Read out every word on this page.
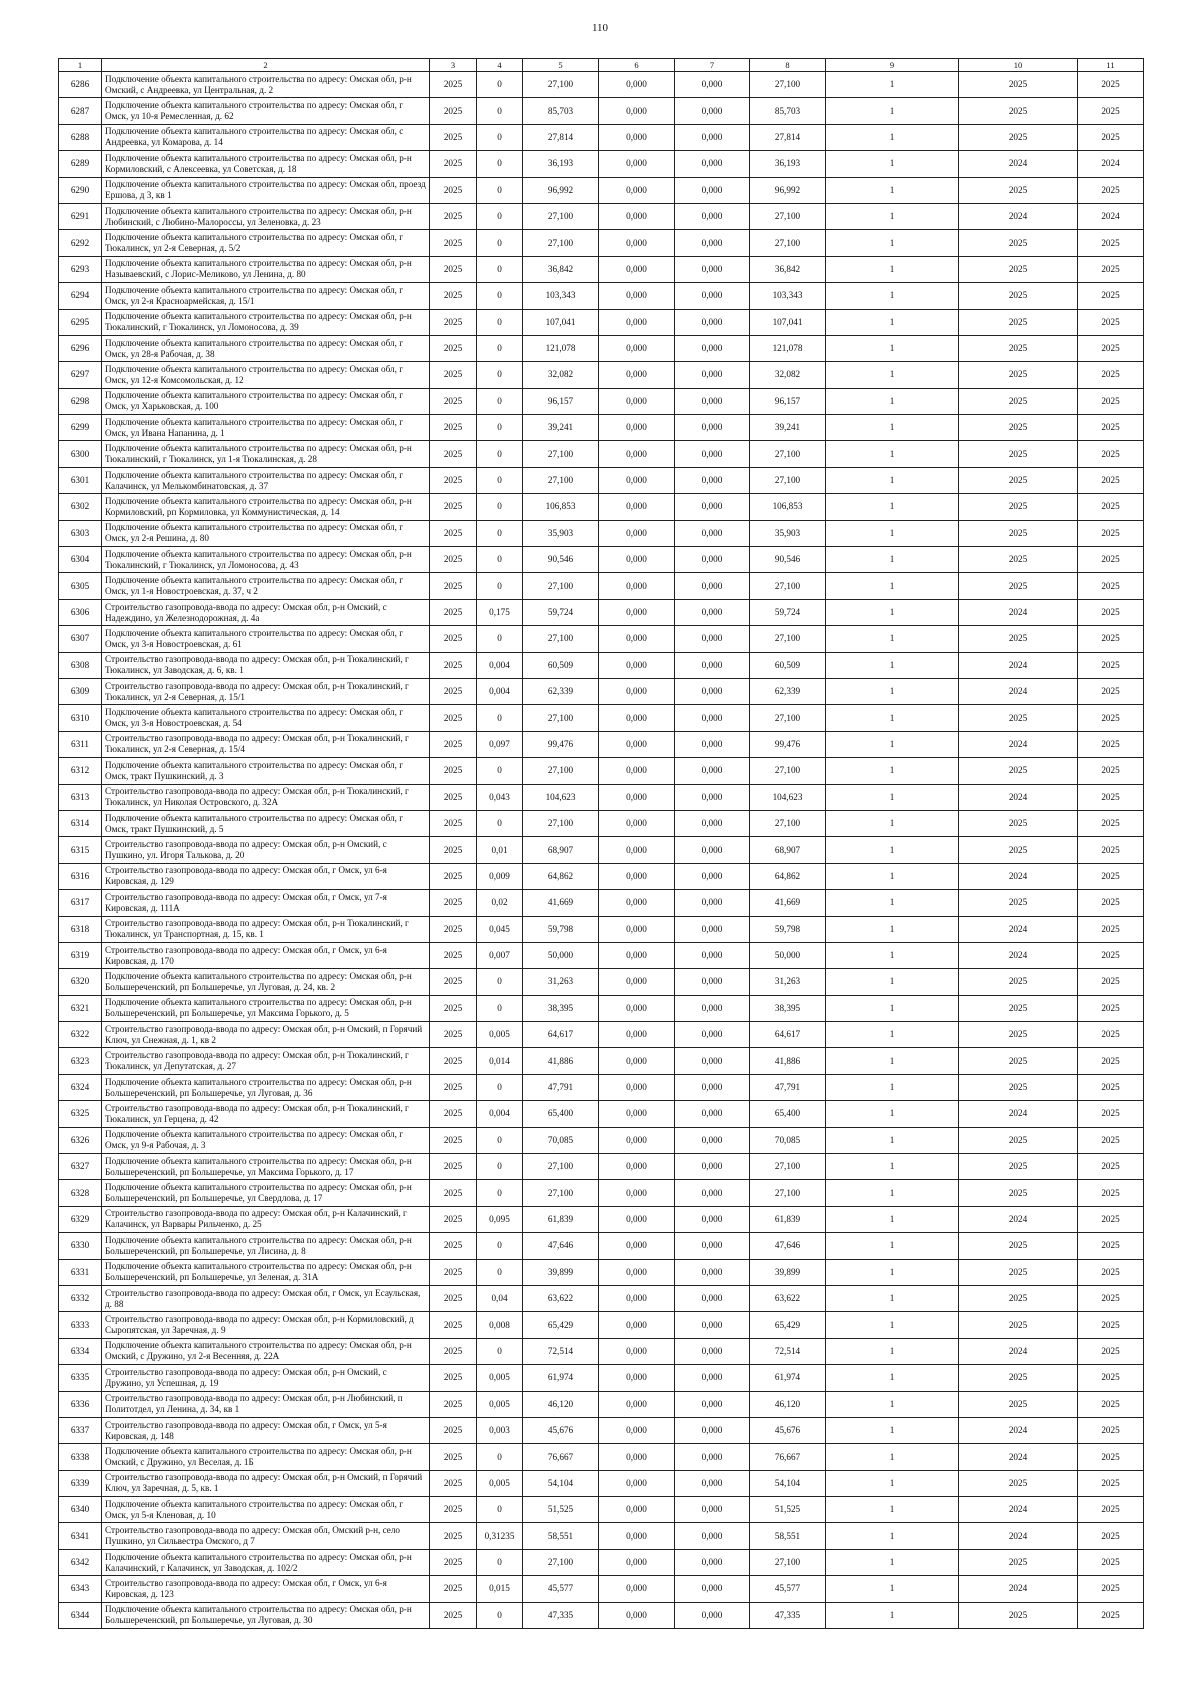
110
1	2	3	4	5	6	7	8	9	10	11
6286	Подключение объекта капитального строительства по адресу: Омская обл, р-н Омский, с Андреевка, ул Центральная, д. 2	2025	0	27,100	0,000	0,000	27,100	1	2025	2025
6287	Подключение объекта капитального строительства по адресу: Омская обл, г Омск, ул 10-я Ремесленная, д. 62	2025	0	85,703	0,000	0,000	85,703	1	2025	2025
6288	Подключение объекта капитального строительства по адресу: Омская обл, с Андреевка, ул Комарова, д. 14	2025	0	27,814	0,000	0,000	27,814	1	2025	2025
6289	Подключение объекта капитального строительства по адресу: Омская обл, р-н Кормиловский, с Алексеевка, ул Советская, д. 18	2025	0	36,193	0,000	0,000	36,193	1	2024	2024
6290	Подключение объекта капитального строительства по адресу: Омская обл, проезд Ершова, д 3, кв 1	2025	0	96,992	0,000	0,000	96,992	1	2025	2025
6291	Подключение объекта капитального строительства по адресу: Омская обл, р-н Любинский, с Любино-Малороссы, ул Зеленовка, д. 23	2025	0	27,100	0,000	0,000	27,100	1	2024	2024
6292	Подключение объекта капитального строительства по адресу: Омская обл, г Тюкалинск, ул 2-я Северная, д. 5/2	2025	0	27,100	0,000	0,000	27,100	1	2025	2025
6293	Подключение объекта капитального строительства по адресу: Омская обл, р-н Называевский, с Лорис-Меликово, ул Ленина, д. 80	2025	0	36,842	0,000	0,000	36,842	1	2025	2025
6294	Подключение объекта капитального строительства по адресу: Омская обл, г Омск, ул 2-я Красноармейская, д. 15/1	2025	0	103,343	0,000	0,000	103,343	1	2025	2025
6295	Подключение объекта капитального строительства по адресу: Омская обл, р-н Тюкалинский, г Тюкалинск, ул Ломоносова, д. 39	2025	0	107,041	0,000	0,000	107,041	1	2025	2025
6296	Подключение объекта капитального строительства по адресу: Омская обл, г Омск, ул 28-я Рабочая, д. 38	2025	0	121,078	0,000	0,000	121,078	1	2025	2025
6297	Подключение объекта капитального строительства по адресу: Омская обл, г Омск, ул 12-я Комсомольская, д. 12	2025	0	32,082	0,000	0,000	32,082	1	2025	2025
6298	Подключение объекта капитального строительства по адресу: Омская обл, г Омск, ул Харьковская, д. 100	2025	0	96,157	0,000	0,000	96,157	1	2025	2025
6299	Подключение объекта капитального строительства по адресу: Омская обл, г Омск, ул Ивана Напанина, д. 1	2025	0	39,241	0,000	0,000	39,241	1	2025	2025
6300	Подключение объекта капитального строительства по адресу: Омская обл, р-н Тюкалинский, г Тюкалинск, ул 1-я Тюкалинская, д. 28	2025	0	27,100	0,000	0,000	27,100	1	2025	2025
6301	Подключение объекта капитального строительства по адресу: Омская обл, г Калачинск, ул Мелькомбинатовская, д. 37	2025	0	27,100	0,000	0,000	27,100	1	2025	2025
6302	Подключение объекта капитального строительства по адресу: Омская обл, р-н Кормиловский, рп Кормиловка, ул Коммунистическая, д. 14	2025	0	106,853	0,000	0,000	106,853	1	2025	2025
6303	Подключение объекта капитального строительства по адресу: Омская обл, г Омск, ул 2-я Решина, д. 80	2025	0	35,903	0,000	0,000	35,903	1	2025	2025
6304	Подключение объекта капитального строительства по адресу: Омская обл, р-н Тюкалинский, г Тюкалинск, ул Ломоносова, д. 43	2025	0	90,546	0,000	0,000	90,546	1	2025	2025
6305	Подключение объекта капитального строительства по адресу: Омская обл, г Омск, ул 1-я Новостроевская, д. 37, ч 2	2025	0	27,100	0,000	0,000	27,100	1	2025	2025
6306	Строительство газопровода-ввода по адресу: Омская обл, р-н Омский, с Надеждино, ул Железнодорожная, д. 4а	2025	0,175	59,724	0,000	0,000	59,724	1	2024	2025
6307	Подключение объекта капитального строительства по адресу: Омская обл, г Омск, ул 3-я Новостроевская, д. 61	2025	0	27,100	0,000	0,000	27,100	1	2025	2025
6308	Строительство газопровода-ввода по адресу: Омская обл, р-н Тюкалинский, г Тюкалинск, ул Заводская, д. 6, кв. 1	2025	0,004	60,509	0,000	0,000	60,509	1	2024	2025
6309	Строительство газопровода-ввода по адресу: Омская обл, р-н Тюкалинский, г Тюкалинск, ул 2-я Северная, д. 15/1	2025	0,004	62,339	0,000	0,000	62,339	1	2024	2025
6310	Подключение объекта капитального строительства по адресу: Омская обл, г Омск, ул 3-я Новостроевская, д. 54	2025	0	27,100	0,000	0,000	27,100	1	2025	2025
6311	Строительство газопровода-ввода по адресу: Омская обл, р-н Тюкалинский, г Тюкалинск, ул 2-я Северная, д. 15/4	2025	0,097	99,476	0,000	0,000	99,476	1	2024	2025
6312	Подключение объекта капитального строительства по адресу: Омская обл, г Омск, тракт Пушкинский, д. 3	2025	0	27,100	0,000	0,000	27,100	1	2025	2025
6313	Строительство газопровода-ввода по адресу: Омская обл, р-н Тюкалинский, г Тюкалинск, ул Николая Островского, д. 32А	2025	0,043	104,623	0,000	0,000	104,623	1	2024	2025
6314	Подключение объекта капитального строительства по адресу: Омская обл, г Омск, тракт Пушкинский, д. 5	2025	0	27,100	0,000	0,000	27,100	1	2025	2025
6315	Строительство газопровода-ввода по адресу: Омская обл, р-н Омский, с Пушкино, ул. Игоря Талькова, д. 20	2025	0,01	68,907	0,000	0,000	68,907	1	2025	2025
6316	Строительство газопровода-ввода по адресу: Омская обл, г Омск, ул 6-я Кировская, д. 129	2025	0,009	64,862	0,000	0,000	64,862	1	2024	2025
6317	Строительство газопровода-ввода по адресу: Омская обл, г Омск, ул 7-я Кировская, д. 111А	2025	0,02	41,669	0,000	0,000	41,669	1	2025	2025
6318	Строительство газопровода-ввода по адресу: Омская обл, р-н Тюкалинский, г Тюкалинск, ул Транспортная, д. 15, кв. 1	2025	0,045	59,798	0,000	0,000	59,798	1	2024	2025
6319	Строительство газопровода-ввода по адресу: Омская обл, г Омск, ул 6-я Кировская, д. 170	2025	0,007	50,000	0,000	0,000	50,000	1	2024	2025
6320	Подключение объекта капитального строительства по адресу: Омская обл, р-н Большереченский, рп Большеречье, ул Луговая, д. 24, кв. 2	2025	0	31,263	0,000	0,000	31,263	1	2025	2025
6321	Подключение объекта капитального строительства по адресу: Омская обл, р-н Большереченский, рп Большеречье, ул Максима Горького, д. 5	2025	0	38,395	0,000	0,000	38,395	1	2025	2025
6322	Строительство газопровода-ввода по адресу: Омская обл, р-н Омский, п Горячий Ключ, ул Снежная, д. 1, кв 2	2025	0,005	64,617	0,000	0,000	64,617	1	2025	2025
6323	Строительство газопровода-ввода по адресу: Омская обл, р-н Тюкалинский, г Тюкалинск, ул Депутатская, д. 27	2025	0,014	41,886	0,000	0,000	41,886	1	2025	2025
6324	Подключение объекта капитального строительства по адресу: Омская обл, р-н Большереченский, рп Большеречье, ул Луговая, д. 36	2025	0	47,791	0,000	0,000	47,791	1	2025	2025
6325	Строительство газопровода-ввода по адресу: Омская обл, р-н Тюкалинский, г Тюкалинск, ул Герцена, д. 42	2025	0,004	65,400	0,000	0,000	65,400	1	2024	2025
6326	Подключение объекта капитального строительства по адресу: Омская обл, г Омск, ул 9-я Рабочая, д. 3	2025	0	70,085	0,000	0,000	70,085	1	2025	2025
6327	Подключение объекта капитального строительства по адресу: Омская обл, р-н Большереченский, рп Большеречье, ул Максима Горького, д. 17	2025	0	27,100	0,000	0,000	27,100	1	2025	2025
6328	Подключение объекта капитального строительства по адресу: Омская обл, р-н Большереченский, рп Большеречье, ул Свердлова, д. 17	2025	0	27,100	0,000	0,000	27,100	1	2025	2025
6329	Строительство газопровода-ввода по адресу: Омская обл, р-н Калачинский, г Калачинск, ул Варвары Рильченко, д. 25	2025	0,095	61,839	0,000	0,000	61,839	1	2024	2025
6330	Подключение объекта капитального строительства по адресу: Омская обл, р-н Большереченский, рп Большеречье, ул Лисина, д. 8	2025	0	47,646	0,000	0,000	47,646	1	2025	2025
6331	Подключение объекта капитального строительства по адресу: Омская обл, р-н Большереченский, рп Большеречье, ул Зеленая, д. 31А	2025	0	39,899	0,000	0,000	39,899	1	2025	2025
6332	Строительство газопровода-ввода по адресу: Омская обл, г Омск, ул Есаульская, д. 88	2025	0,04	63,622	0,000	0,000	63,622	1	2025	2025
6333	Строительство газопровода-ввода по адресу: Омская обл, р-н Кормиловский, д Сыропятская, ул Заречная, д. 9	2025	0,008	65,429	0,000	0,000	65,429	1	2025	2025
6334	Подключение объекта капитального строительства по адресу: Омская обл, р-н Омский, с Дружино, ул 2-я Весенняя, д. 22А	2025	0	72,514	0,000	0,000	72,514	1	2024	2025
6335	Строительство газопровода-ввода по адресу: Омская обл, р-н Омский, с Дружино, ул Успешная, д. 19	2025	0,005	61,974	0,000	0,000	61,974	1	2025	2025
6336	Строительство газопровода-ввода по адресу: Омская обл, р-н Любинский, п Политотдел, ул Ленина, д. 34, кв 1	2025	0,005	46,120	0,000	0,000	46,120	1	2025	2025
6337	Строительство газопровода-ввода по адресу: Омская обл, г Омск, ул 5-я Кировская, д. 148	2025	0,003	45,676	0,000	0,000	45,676	1	2024	2025
6338	Подключение объекта капитального строительства по адресу: Омская обл, р-н Омский, с Дружино, ул Веселая, д. 1Б	2025	0	76,667	0,000	0,000	76,667	1	2024	2025
6339	Строительство газопровода-ввода по адресу: Омская обл, р-н Омский, п Горячий Ключ, ул Заречная, д. 5, кв. 1	2025	0,005	54,104	0,000	0,000	54,104	1	2025	2025
6340	Подключение объекта капитального строительства по адресу: Омская обл, г Омск, ул 5-я Кленовая, д. 10	2025	0	51,525	0,000	0,000	51,525	1	2024	2025
6341	Строительство газопровода-ввода по адресу: Омская обл, Омский р-н, село Пушкино, ул Сильвестра Омского, д 7	2025	0,31235	58,551	0,000	0,000	58,551	1	2024	2025
6342	Подключение объекта капитального строительства по адресу: Омская обл, р-н Калачинский, г Калачинск, ул Заводская, д. 102/2	2025	0	27,100	0,000	0,000	27,100	1	2025	2025
6343	Строительство газопровода-ввода по адресу: Омская обл, г Омск, ул 6-я Кировская, д. 123	2025	0,015	45,577	0,000	0,000	45,577	1	2024	2025
6344	Подключение объекта капитального строительства по адресу: Омская обл, р-н Большереченский, рп Большеречье, ул Луговая, д. 30	2025	0	47,335	0,000	0,000	47,335	1	2025	2025
